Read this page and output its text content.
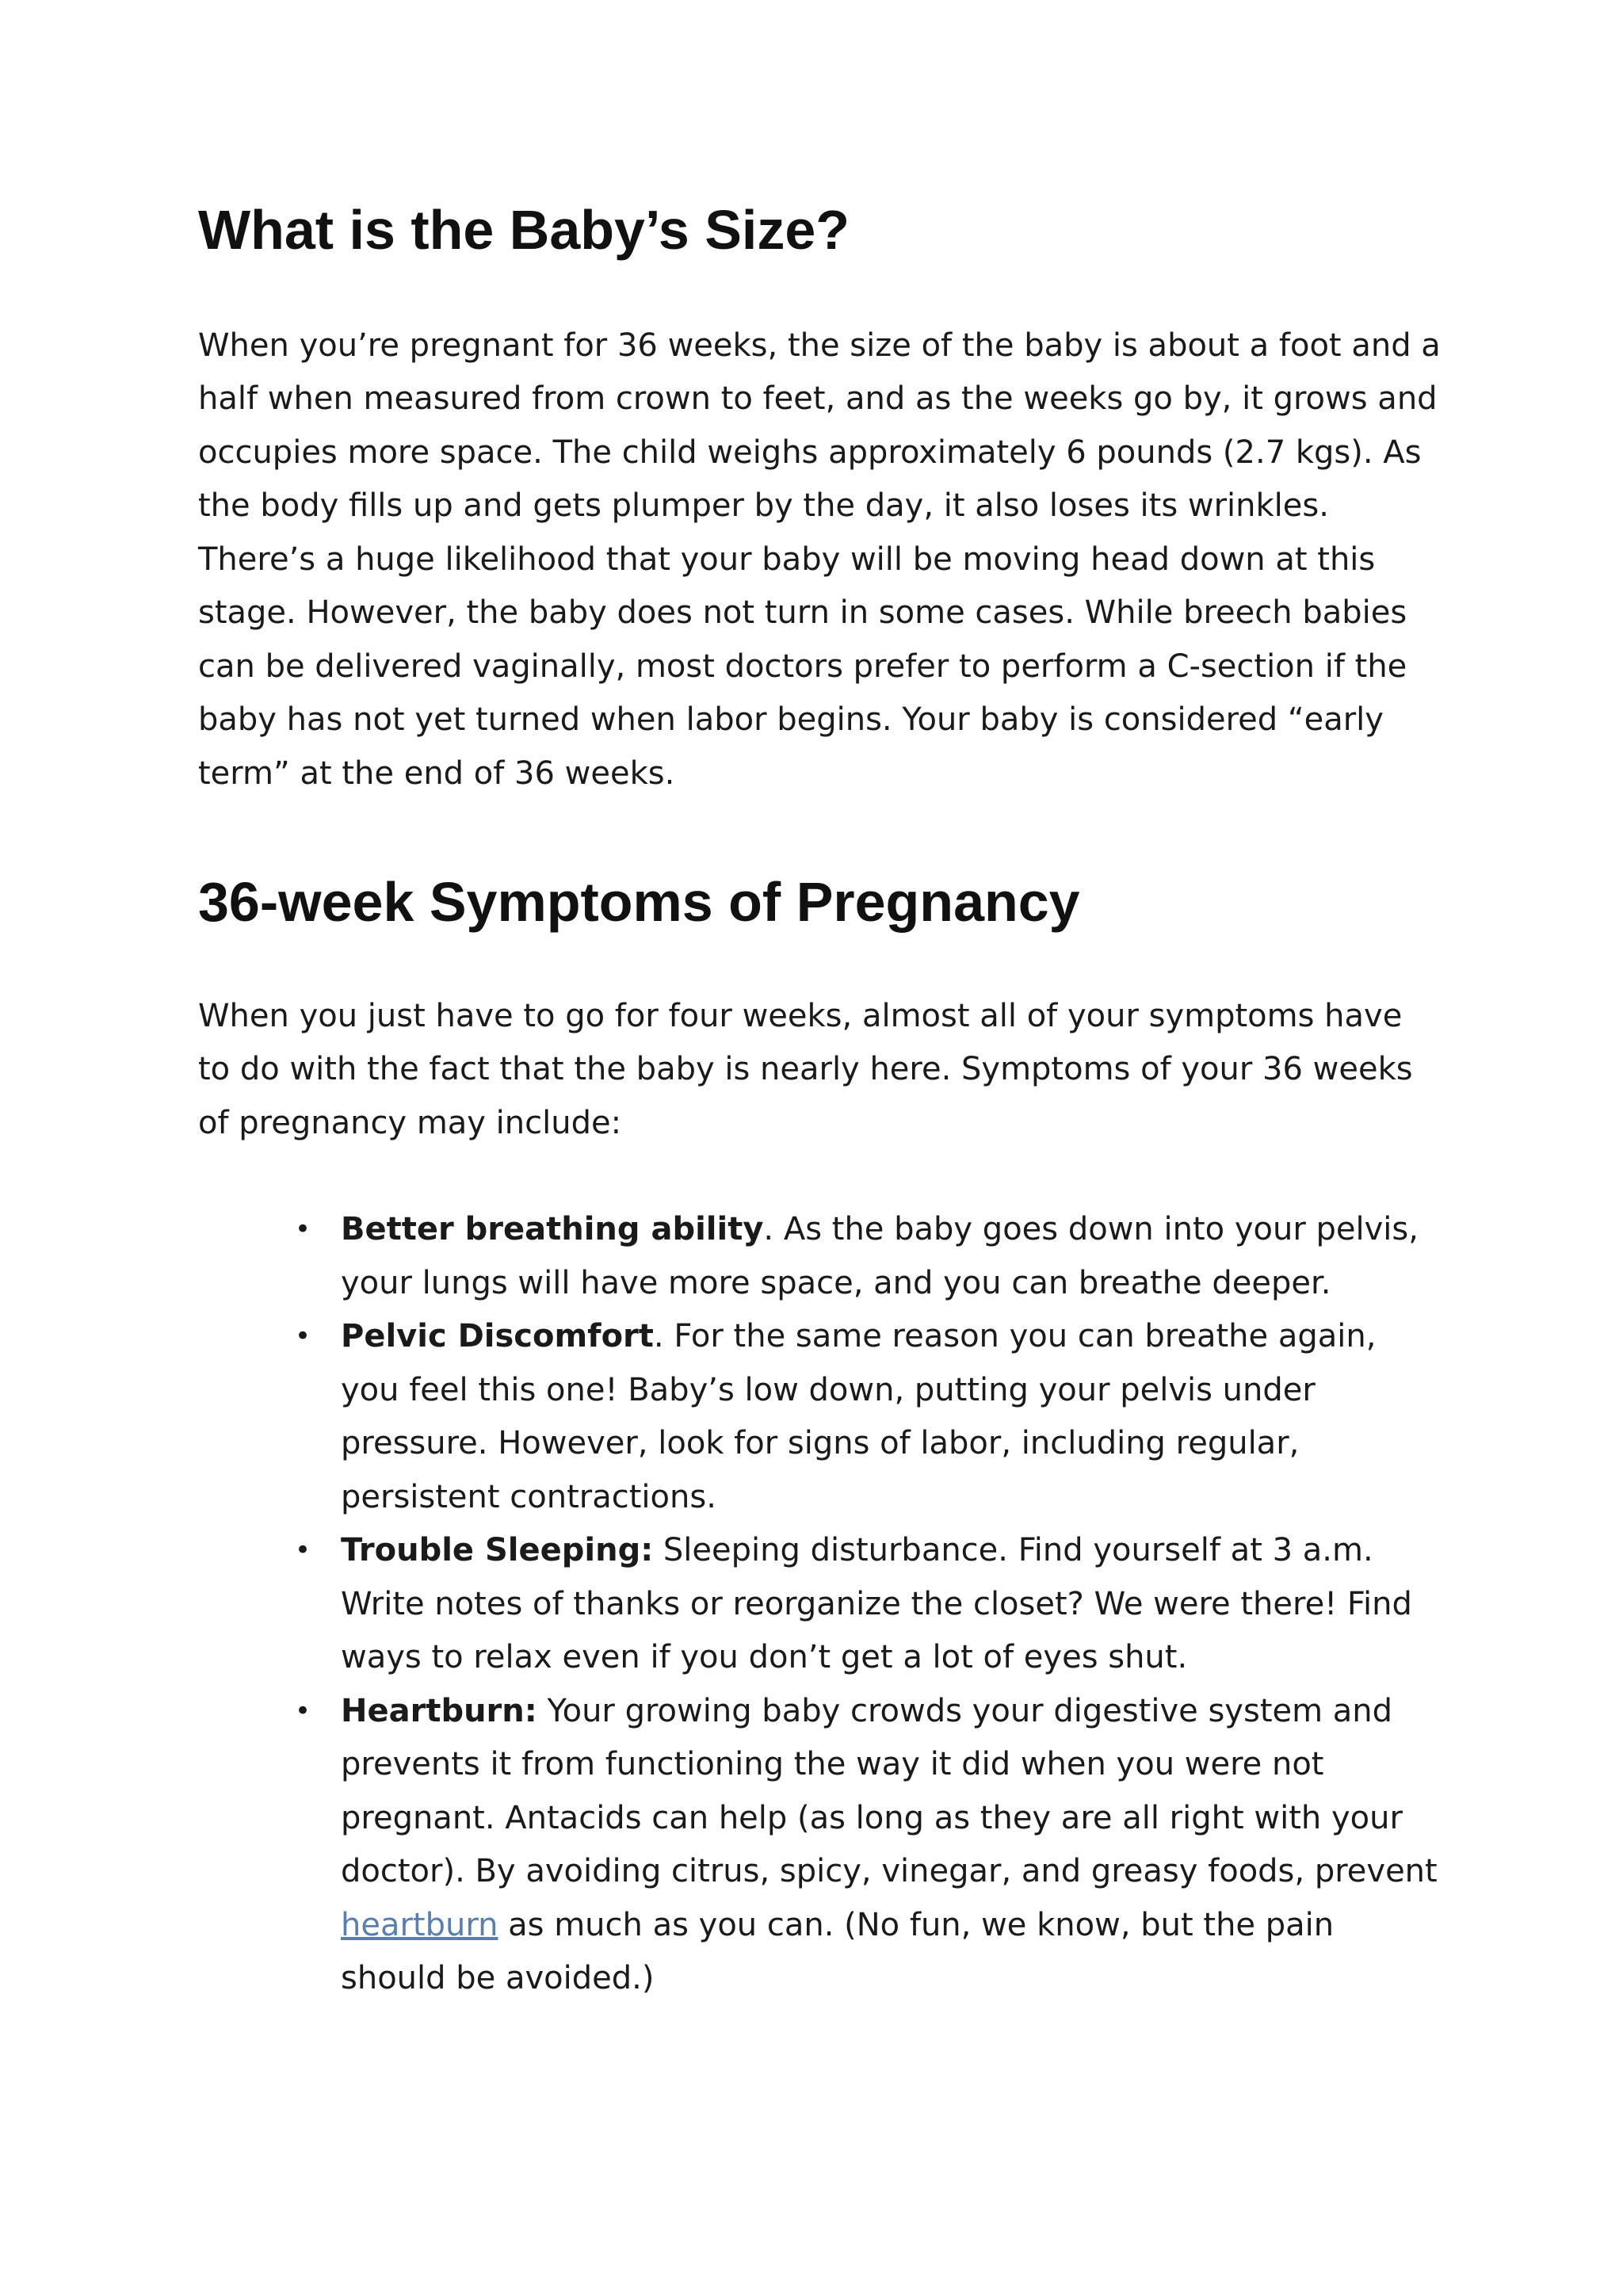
What is the Baby’s Size?

When you’re pregnant for 36 weeks, the size of the baby is about a foot and a half when measured from crown to feet, and as the weeks go by, it grows and occupies more space. The child weighs approximately 6 pounds (2.7 kgs). As the body fills up and gets plumper by the day, it also loses its wrinkles. There’s a huge likelihood that your baby will be moving head down at this stage. However, the baby does not turn in some cases. While breech babies can be delivered vaginally, most doctors prefer to perform a C-section if the baby has not yet turned when labor begins. Your baby is considered “early term” at the end of 36 weeks.

36-week Symptoms of Pregnancy

When you just have to go for four weeks, almost all of your symptoms have to do with the fact that the baby is nearly here. Symptoms of your 36 weeks of pregnancy may include:

• Better breathing ability. As the baby goes down into your pelvis, your lungs will have more space, and you can breathe deeper.
• Pelvic Discomfort. For the same reason you can breathe again, you feel this one! Baby’s low down, putting your pelvis under pressure. However, look for signs of labor, including regular, persistent contractions.
• Trouble Sleeping: Sleeping disturbance. Find yourself at 3 a.m. Write notes of thanks or reorganize the closet? We were there! Find ways to relax even if you don’t get a lot of eyes shut.
• Heartburn: Your growing baby crowds your digestive system and prevents it from functioning the way it did when you were not pregnant. Antacids can help (as long as they are all right with your doctor). By avoiding citrus, spicy, vinegar, and greasy foods, prevent heartburn as much as you can. (No fun, we know, but the pain should be avoided.)
